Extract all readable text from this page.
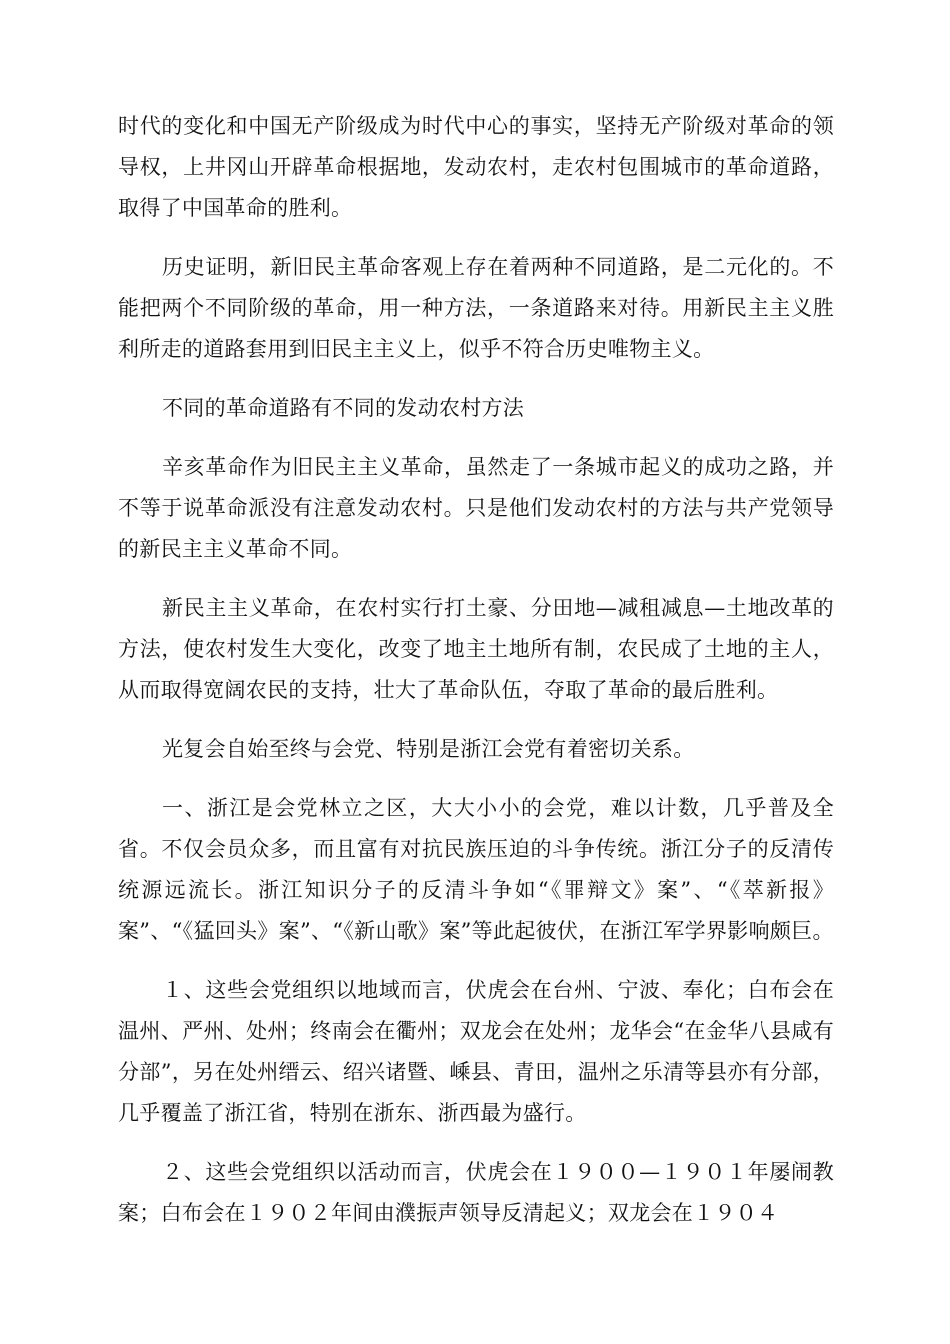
时代的变化和中国无产阶级成为时代中心的事实，坚持无产阶级对革命的领导权，上井冈山开辟革命根据地，发动农村，走农村包围城市的革命道路，取得了中国革命的胜利。

历史证明，新旧民主革命客观上存在着两种不同道路，是二元化的。不能把两个不同阶级的革命，用一种方法，一条道路来对待。用新民主主义胜利所走的道路套用到旧民主主义上，似乎不符合历史唯物主义。

不同的革命道路有不同的发动农村方法

辛亥革命作为旧民主主义革命，虽然走了一条城市起义的成功之路，并不等于说革命派没有注意发动农村。只是他们发动农村的方法与共产党领导的新民主主义革命不同。

新民主主义革命，在农村实行打土豪、分田地—减租减息—土地改革的方法，使农村发生大变化，改变了地主土地所有制，农民成了土地的主人，从而取得宽阔农民的支持，壮大了革命队伍，夺取了革命的最后胜利。

光复会自始至终与会党、特别是浙江会党有着密切关系。

一、浙江是会党林立之区，大大小小的会党，难以计数，几乎普及全省。不仅会员众多，而且富有对抗民族压迫的斗争传统。浙江分子的反清传统源远流长。浙江知识分子的反清斗争如“《罪辩文》案”、“《萃新报》案”、“《猛回头》案”、“《新山歌》案”等此起彼伏，在浙江军学界影响颇巨。

１、这些会党组织以地域而言，伏虎会在台州、宁波、奉化；白布会在温州、严州、处州；终南会在衢州；双龙会在处州；龙华会“在金华八县咸有分部”，另在处州缙云、绍兴诸暨、嵊县、青田，温州之乐清等县亦有分部，几乎覆盖了浙江省，特别在浙东、浙西最为盛行。

２、这些会党组织以活动而言，伏虎会在１９００—１９０１年屡闹教案；白布会在１９０２年间由濮振声领导反清起义；双龙会在１９０４
